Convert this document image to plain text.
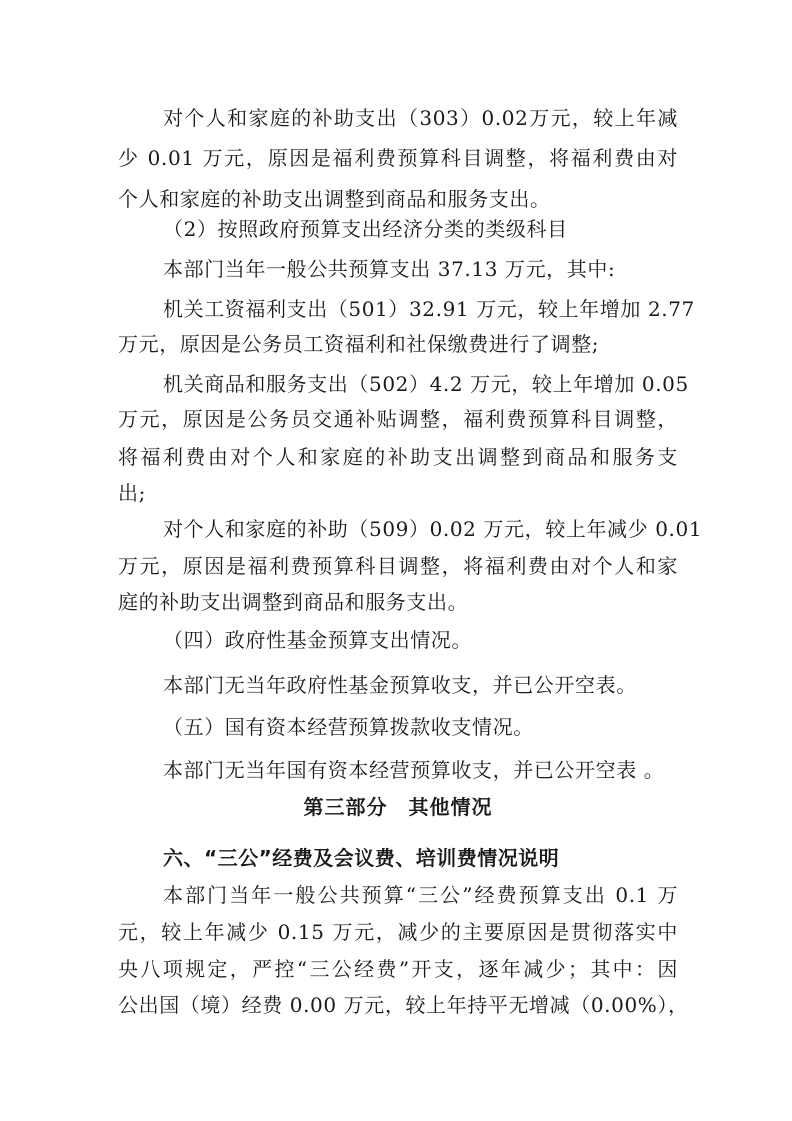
对个人和家庭的补助支出（303）0.02万元，较上年减
少 0.01 万元，原因是福利费预算科目调整，将福利费由对
个人和家庭的补助支出调整到商品和服务支出。
（2）按照政府预算支出经济分类的类级科目
本部门当年一般公共预算支出 37.13 万元，其中:
机关工资福利支出（501）32.91 万元，较上年增加 2.77
万元，原因是公务员工资福利和社保缴费进行了调整;
机关商品和服务支出（502）4.2 万元，较上年增加 0.05
万元，原因是公务员交通补贴调整，福利费预算科目调整，
将福利费由对个人和家庭的补助支出调整到商品和服务支
出;
对个人和家庭的补助（509）0.02 万元，较上年减少 0.01
万元，原因是福利费预算科目调整，将福利费由对个人和家
庭的补助支出调整到商品和服务支出。
（四）政府性基金预算支出情况。
本部门无当年政府性基金预算收支，并已公开空表。
（五）国有资本经营预算拨款收支情况。
本部门无当年国有资本经营预算收支，并已公开空表 。
第三部分　其他情况
六、“三公”经费及会议费、培训费情况说明
本部门当年一般公共预算“三公”经费预算支出 0.1 万
元，较上年减少 0.15 万元，减少的主要原因是贯彻落实中
央八项规定，严控“三公经费”开支，逐年减少；其中：因
公出国（境）经费 0.00 万元，较上年持平无增减（0.00%），
